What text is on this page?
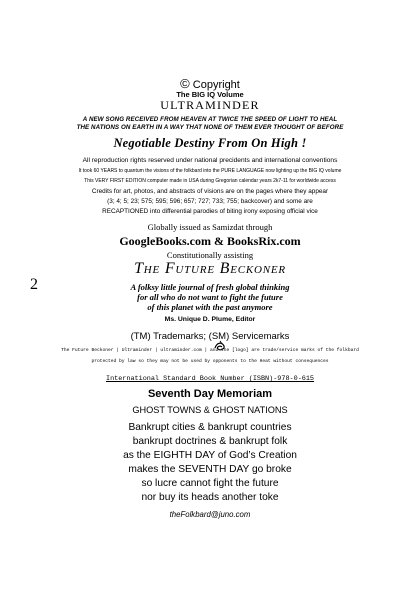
© Copyright
The BIG IQ Volume
ULTRAMINDER
A NEW SONG RECEIVED FROM HEAVEN AT TWICE THE SPEED OF LIGHT TO HEAL
THE NATIONS ON EARTH IN A WAY THAT NONE OF THEM EVER THOUGHT OF BEFORE
Negotiable Destiny From On High !
All reproduction rights reserved under national precidents and international conventions
It took 60 YEARS to quantum the visions of the folkbard into the PURE LANGUAGE now lighting up the BIG IQ volume
This VERY FIRST EDITION computer made in USA during Gregorian calendar years 2k7-11 for worldwide access
Credits for art, photos, and abstracts of visions are on the pages where they appear
(3; 4; 5; 23; 575; 595; 596; 657; 727; 733; 755; backcover) and some are
RECAPTIONED into differential parodies of biting irony exposing official vice
Globally issued as Samizdat through
GoogleBooks.com & BooksRix.com
Constitutionally assisting
The Future Beckoner
2	A folksy little journal of fresh global thinking
for all who do not want to fight the future
of this planet with the past anymore
Ms. Unique D. Plume, Editor
(TM) Trademarks; (SM) Servicemarks
The Future Beckoner | Ultraminder | ultraminder.com | and the [logo] are trade/service marks of the folkbard
protected by law so they may not be used by opponents to the Heat without consequences
International Standard Book Number (ISBN)-978-0-615
Seventh Day Memoriam
GHOST TOWNS & GHOST NATIONS
Bankrupt cities & bankrupt countries
bankrupt doctrines & bankrupt folk
as the EIGHTH DAY of God’s Creation
makes the SEVENTH DAY go broke
so lucre cannot fight the future
nor buy its heads another toke
theFolkbard@juno.com
